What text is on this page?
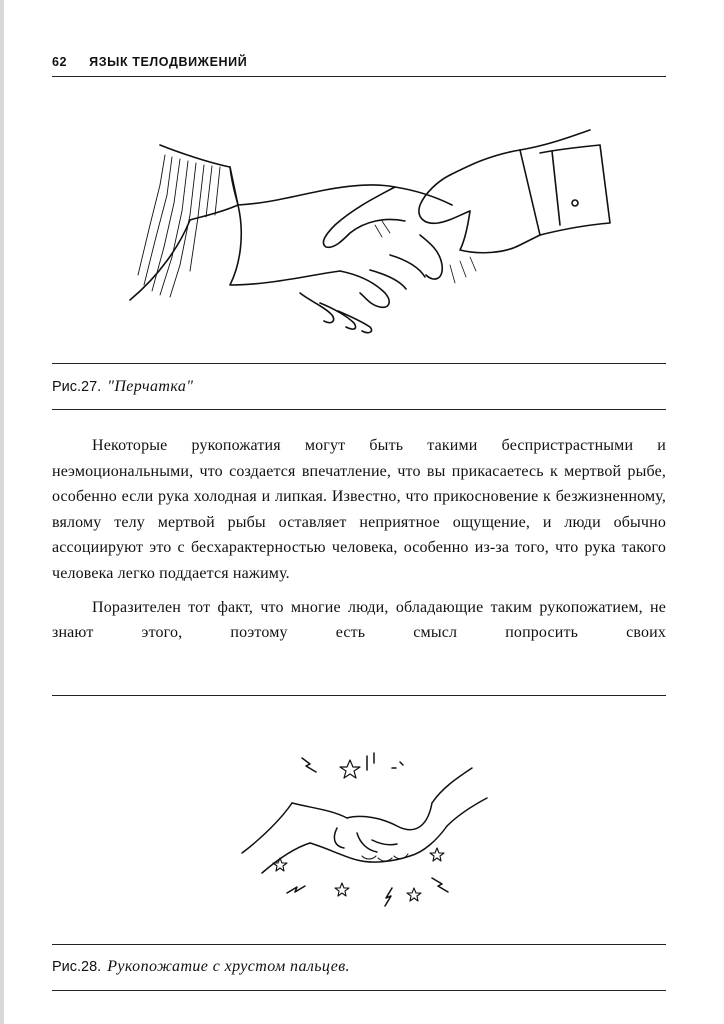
62 ЯЗЫК ТЕЛОДВИЖЕНИЙ
Рис.27. "Перчатка"

Некоторые рукопожатия могут быть такими беспристрастными и неэмоциональными, что создается впечатление, что вы прикасаетесь к мертвой рыбе, особенно если рука холодная и липкая. Известно, что прикосновение к безжизненному, вялому телу мертвой рыбы оставляет неприятное ощущение, и люди обычно ассоциируют это с бесхарактерностью человека, особенно из-за того, что рука такого человека легко поддается нажиму.

Поразителен тот факт, что многие люди, обладающие таким рукопожатием, не знают этого, поэтому есть смысл попросить своих

Рис.28. Рукопожатие с хрустом пальцев.
